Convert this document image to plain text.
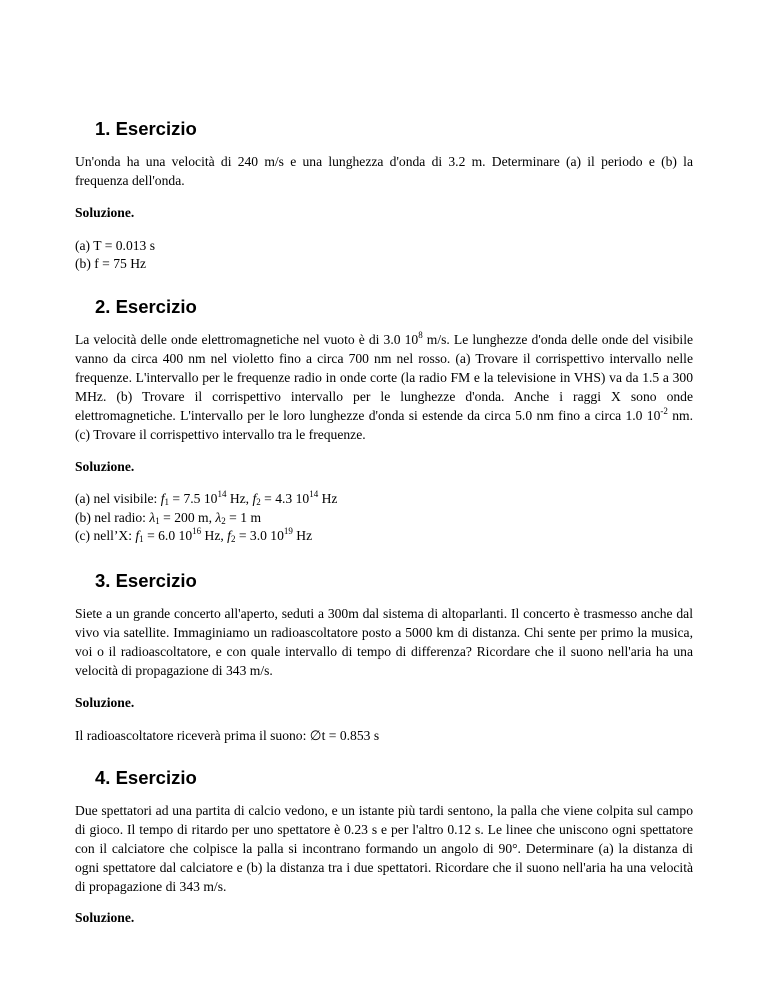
1. Esercizio

Un'onda ha una velocità di 240 m/s e una lunghezza d'onda di 3.2 m. Determinare (a) il periodo e (b) la frequenza dell'onda.

Soluzione.

(a) T = 0.013 s

(b) f = 75 Hz

2. Esercizio

La velocità delle onde elettromagnetiche nel vuoto è di 3.0 $10^8$ m/s. Le lunghezze d'onda delle onde del visibile vanno da circa 400 nm nel violetto fino a circa 700 nm nel rosso. (a) Trovare il corrispettivo intervallo nelle frequenze. L'intervallo per le frequenze radio in onde corte (la radio FM e la televisione in VHS) va da 1.5 a 300 MHz. (b) Trovare il corrispettivo intervallo per le lunghezze d'onda. Anche i raggi X sono onde elettromagnetiche. L'intervallo per le loro lunghezze d'onda si estende da circa 5.0 nm fino a circa 1.0 $10^{-2}$ nm. (c) Trovare il corrispettivo intervallo tra le frequenze.

Soluzione.

(a) nel visibile: $f_1 = 7.5$ $10^{14}$ Hz, $f_2 = 4.3$ $10^{14}$ Hz

(b) nel radio: $\lambda_1 = 200$ m, $\lambda_2 = 1$ m

(c) nell’X: $f_1 = 6.0$ $10^{16}$ Hz, $f_2 = 3.0$ $10^{19}$ Hz

3. Esercizio

Siete a un grande concerto all'aperto, seduti a 300m dal sistema di altoparlanti. Il concerto è trasmesso anche dal vivo via satellite. Immaginiamo un radioascoltatore posto a 5000 km di distanza. Chi sente per primo la musica, voi o il radioascoltatore, e con quale intervallo di tempo di differenza? Ricordare che il suono nell'aria ha una velocità di propagazione di 343 m/s.

Soluzione.

Il radioascoltatore riceverà prima il suono: ∅t = 0.853 s

4. Esercizio

Due spettatori ad una partita di calcio vedono, e un istante più tardi sentono, la palla che viene colpita sul campo di gioco. Il tempo di ritardo per uno spettatore è 0.23 s e per l'altro 0.12 s. Le linee che uniscono ogni spettatore con il calciatore che colpisce la palla si incontrano formando un angolo di 90°. Determinare (a) la distanza di ogni spettatore dal calciatore e (b) la distanza tra i due spettatori. Ricordare che il suono nell'aria ha una velocità di propagazione di 343 m/s.

Soluzione.
